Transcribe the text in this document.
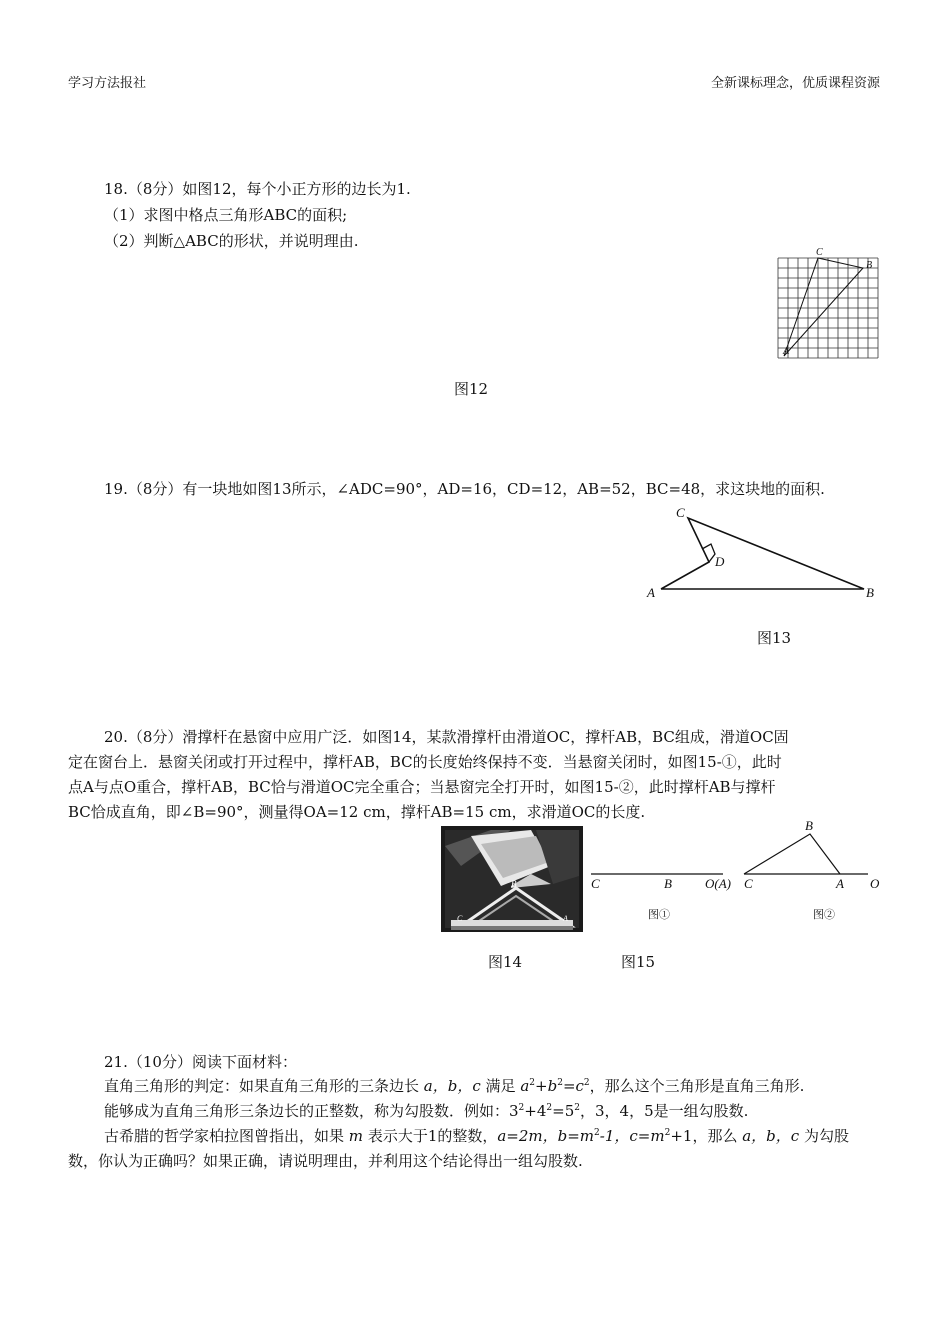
学习方法报社	全新课标理念，优质课程资源
18.（8分）如图12，每个小正方形的边长为1.
（1）求图中格点三角形ABC的面积;
（2）判断△ABC的形状，并说明理由.
C
B
A
图12
19.（8分）有一块地如图13所示，∠ADC=90°，AD=16，CD=12，AB=52，BC=48，求这块地的面积.
C
D
A	B
图13
20.（8分）滑撑杆在悬窗中应用广泛．如图14，某款滑撑杆由滑道OC，撑杆AB，BC组成，滑道OC固
定在窗台上．悬窗关闭或打开过程中，撑杆AB，BC的长度始终保持不变．当悬窗关闭时，如图15-①，此时
点A与点O重合，撑杆AB，BC恰与滑道OC完全重合；当悬窗完全打开时，如图15-②，此时撑杆AB与撑杆
BC恰成直角，即∠B=90°，测量得OA=12 cm，撑杆AB=15 cm，求滑道OC的长度.
B
C	A
C	B	O(A)
图①
B
C	A O
图②
图14	图15
21.（10分）阅读下面材料：
直角三角形的判定：如果直角三角形的三条边长 a，b，c 满足 $a^2+b^2=c^2$，那么这个三角形是直角三角形.
能够成为直角三角形三条边长的正整数，称为勾股数．例如：$3^2+4^2=5^2$，3，4，5是一组勾股数.
古希腊的哲学家柏拉图曾指出，如果 m 表示大于1的整数，a=2m，$b=m^2-1$，$c=m^2+1$，那么 a，b，c 为勾股
数，你认为正确吗？如果正确，请说明理由，并利用这个结论得出一组勾股数.
